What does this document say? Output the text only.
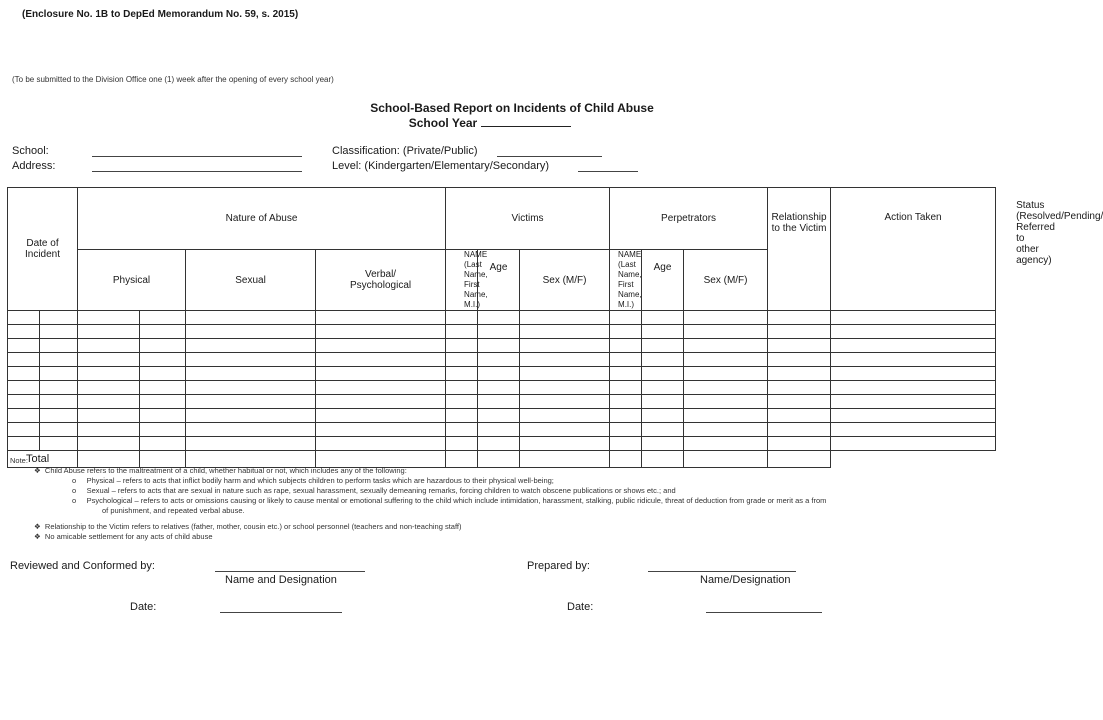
(Enclosure No. 1B to DepEd Memorandum No. 59, s. 2015)
(To be submitted to the Division Office one (1) week after the opening of every school year)
School-Based Report on Incidents of Child Abuse
School Year
School:
Address:
Classification: (Private/Public)
Level: (Kindergarten/Elementary/Secondary)
Date of Incident		Nature of Abuse				Victims			Perpetrators			Relationship to the Victim	Action Taken	Status (Resolved/Pending/ Referred to other agency)
		Physical		Sexual	Verbal/ Psychological	NAME (Last Name, First Name, M.I.)	Age	Sex (M/F)	NAME (Last Name, First Name, M.I.)	Age	Sex (M/F)			

Total														
Note:
❖ Child Abuse refers to the maltreatment of a child, whether habitual or not, which includes any of the following:
o Physical – refers to acts that inflict bodily harm and which subjects children to perform tasks which are hazardous to their physical well-being;
o Sexual – refers to acts that are sexual in nature such as rape, sexual harassment, sexually demeaning remarks, forcing children to watch obscene publications or shows etc.; and
o Psychological – refers to acts or omissions causing or likely to cause mental or emotional suffering to the child which include intimidation, harassment, stalking, public ridicule, threat of deduction from grade or merit as a from
of punishment, and repeated verbal abuse.
❖ Relationship to the Victim refers to relatives (father, mother, cousin etc.) or school personnel (teachers and non-teaching staff)
❖ No amicable settlement for any acts of child abuse
Reviewed and Conformed by:
Name and Designation
Prepared by:
Name/Designation
Date:	Date:
